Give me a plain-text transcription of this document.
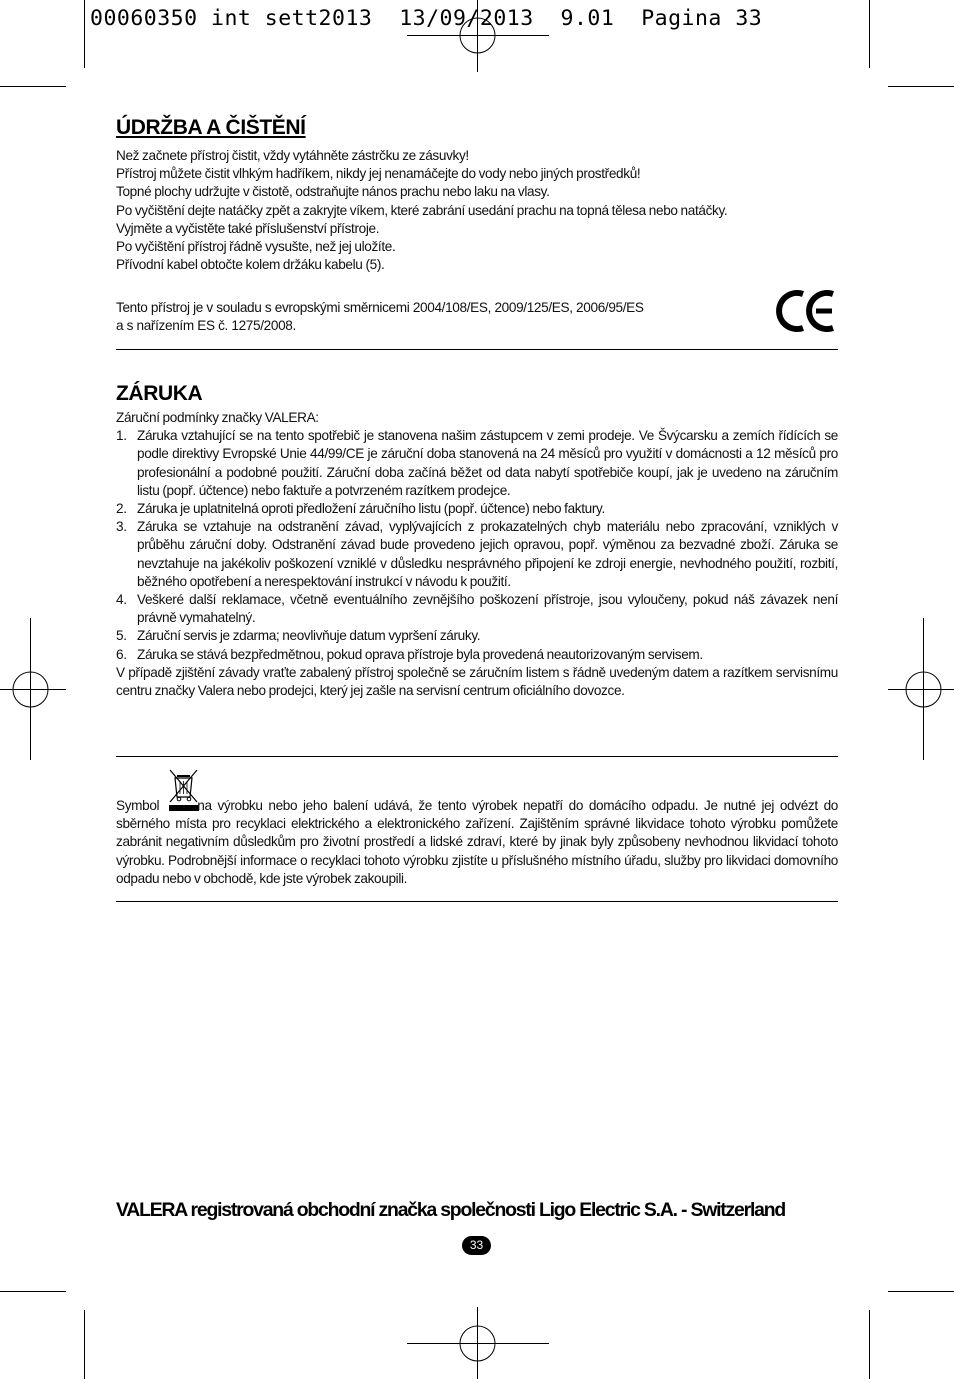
00060350 int sett2013  13/09/2013  9.01  Pagina 33
ÚDRŽBA A ČIŠTĚNÍ
Než začnete přístroj čistit, vždy vytáhněte zástrčku ze zásuvky!
Přístroj můžete čistit vlhkým hadříkem, nikdy jej nenamáčejte do vody nebo jiných prostředků!
Topné plochy udržujte v čistotě, odstraňujte nános prachu nebo laku na vlasy.
Po vyčištění dejte natáčky zpět a zakryjte víkem, které zabrání usedání prachu na topná tělesa nebo natáčky.
Vyjměte a vyčistěte také příslušenství přístroje.
Po vyčištění přístroj řádně vysušte, než jej uložíte.
Přívodní kabel obtočte kolem držáku kabelu (5).
Tento přístroj je v souladu s evropskými směrnicemi 2004/108/ES, 2009/125/ES, 2006/95/ES
a s nařízením ES č. 1275/2008.
ZÁRUKA
Záruční podmínky značky VALERA:
1. Záruka vztahující se na tento spotřebič je stanovena našim zástupcem v zemi prodeje. Ve Švýcarsku a zemích řídících se podle direktivy Evropské Unie 44/99/CE je záruční doba stanovená na 24 měsíců pro využití v domácnosti a 12 měsíců pro profesionální a podobné použití. Záruční doba začíná běžet od data nabytí spotřebiče koupí, jak je uvedeno na záručním listu (popř. účtence) nebo faktuře a potvrzeném razítkem prodejce.
2. Záruka je uplatnitelná oproti předložení záručního listu (popř. účtence) nebo faktury.
3. Záruka se vztahuje na odstranění závad, vyplývajících z prokazatelných chyb materiálu nebo zpracování, vzniklých v průběhu záruční doby. Odstranění závad bude provedeno jejich opravou, popř. výměnou za bezvadné zboží. Záruka se nevztahuje na jakékoliv poškození vzniklé v důsledku nesprávného připojení ke zdroji energie, nevhodného použití, rozbití, běžného opotřebení a nerespektování instrukcí v návodu k použití.
4. Veškeré další reklamace, včetně eventuálního zevnějšího poškození přístroje, jsou vyloučeny, pokud náš závazek není právně vymahatelný.
5. Záruční servis je zdarma; neovlivňuje datum vypršení záruky.
6. Záruka se stává bezpředmětnou, pokud oprava přístroje byla provedená neautorizovaným servisem.
V případě zjištění závady vraťte zabalený přístroj společně se záručním listem s řádně uvedeným datem a razítkem servisnímu centru značky Valera nebo prodejci, který jej zašle na servisní centrum oficiálního dovozce.
Symbol	na výrobku nebo jeho balení udává, že tento výrobek nepatří do domácího odpadu. Je nutné jej odvézt do sběrného místa pro recyklaci elektrického a elektronického zařízení. Zajištěním správné likvidace tohoto výrobku pomůžete zabránit negativním důsledkům pro životní prostředí a lidské zdraví, které by jinak byly způsobeny nevhodnou likvidací tohoto výrobku. Podrobnější informace o recyklaci tohoto výrobku zjistíte u příslušného místního úřadu, služby pro likvidaci domovního odpadu nebo v obchodě, kde jste výrobek zakoupili.
VALERA registrovaná obchodní značka společnosti Ligo Electric S.A. - Switzerland
33
